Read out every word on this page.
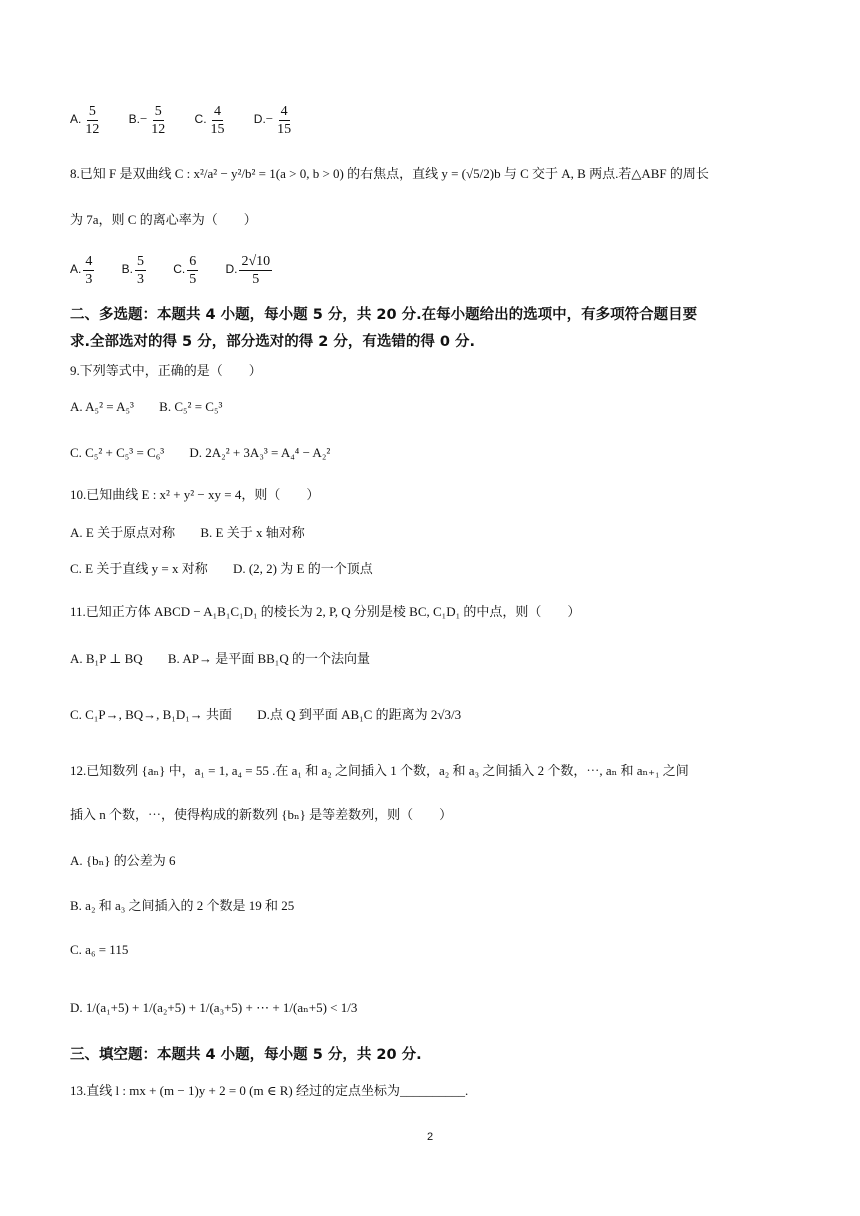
A. $\frac{5}{12} B.- \frac{5}{12} C$. $\frac{4}{15} D.- \frac{4}{15}$
8.已知 F 是双曲线 C : x²/a² − y²/b² = 1(a > 0, b > 0) 的右焦点，直线 y = (√5/2)b 与 C 交于 A, B 两点.若△ABF 的周长
为 7a，则 C 的离心率为（　　）
A. $\frac{4}{3} B$. $\frac{5}{3} C$. $\frac{6}{5} D$. $\frac{2√10}{5}$
二、多选题：本题共 4 小题，每小题 5 分，共 20 分.在每小题给出的选项中，有多项符合题目要
求.全部选对的得 5 分，部分选对的得 2 分，有选错的得 0 分.
9.下列等式中，正确的是（　　）
A. A₅² = A₅³ B. C₅² = C₅³
C. C₅² + C₅³ = C₆³ D. 2A₂² + 3A₃³ = A₄⁴ − A₂²
10.已知曲线 E : x² + y² − xy = 4，则（　　）
A. E 关于原点对称 B. E 关于 x 轴对称
C. E 关于直线 y = x 对称 D. (2, 2) 为 E 的一个顶点
11.已知正方体 ABCD − A₁B₁C₁D₁ 的棱长为 2, P, Q 分别是棱 BC, C₁D₁ 的中点，则（　　）
A. B₁P ⊥ BQ B. AP→ 是平面 BB₁Q 的一个法向量
C. C₁P→, BQ→, B₁D₁→ 共面 D.点 Q 到平面 AB₁C 的距离为 2√3/3
12.已知数列 {aₙ} 中，a₁ = 1, a₄ = 55 .在 a₁ 和 a₂ 之间插入 1 个数，a₂ 和 a₃ 之间插入 2 个数，⋯, aₙ 和 aₙ₊₁ 之间
插入 n 个数，⋯，使得构成的新数列 {bₙ} 是等差数列，则（　　）
A. {bₙ} 的公差为 6
B. a₂ 和 a₃ 之间插入的 2 个数是 19 和 25
C. a₆ = 115
D. 1/(a₁+5) + 1/(a₂+5) + 1/(a₃+5) + ⋯ + 1/(aₙ+5) < 1/3
三、填空题：本题共 4 小题，每小题 5 分，共 20 分.
13.直线 l : mx + (m − 1)y + 2 = 0 (m ∈ R) 经过的定点坐标为__________.
2
